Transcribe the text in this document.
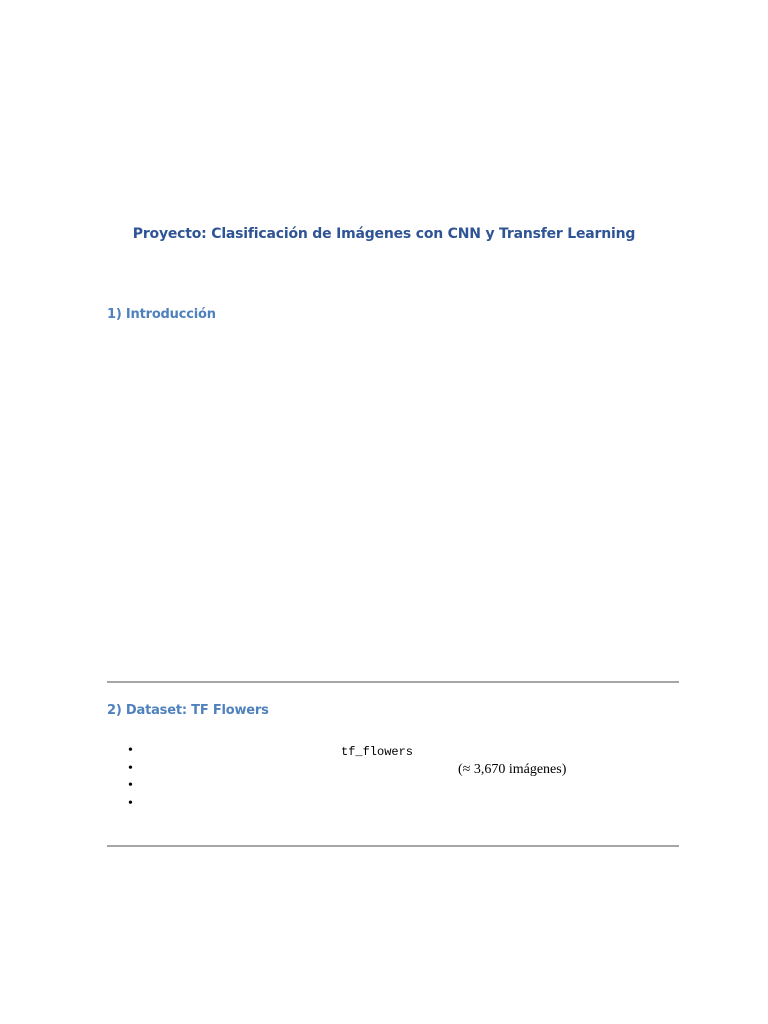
Proyecto: Clasificación de Imágenes con CNN y Transfer Learning
1) Introducción
2) Dataset: TF Flowers
•	tf_flowers
•	(≈ 3,670 imágenes)
•
•
